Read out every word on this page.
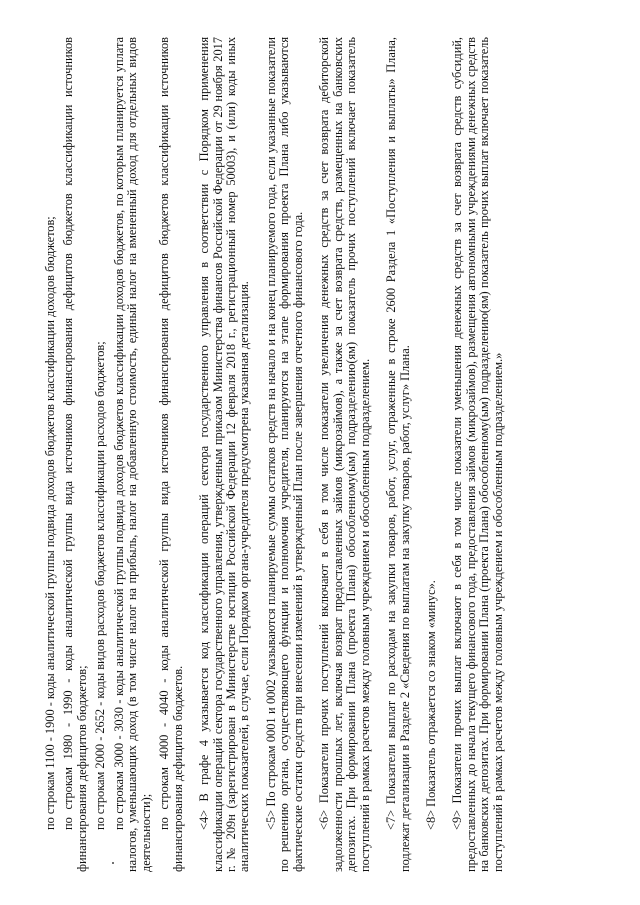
по строкам 1100 - 1900 - коды аналитической группы подвида доходов бюджетов классификации доходов бюджетов; по строкам 1980 - 1990 - коды аналитической группы вида источников финансирования дефицитов бюджетов классификации источников финансирования дефицитов бюджетов; по строкам 2000 - 2652 - коды видов расходов бюджетов классификации расходов бюджетов; по строкам 3000 - 3030 - коды аналитической группы подвида доходов бюджетов классификации доходов бюджетов, по которым планируется уплата налогов, уменьшающих доход (в том числе налог на прибыль, налог на добавленную стоимость, единый налог на вмененный доход для отдельных видов деятельности);

по строкам 4000 - 4040 - коды аналитической группы вида источников финансирования дефицитов бюджетов классификации источников финансирования дефицитов бюджетов. <4> В графе 4 указывается код классификации операций сектора государственного управления в соответствии с Порядком применения классификации операций сектора государственного управления, утвержденным приказом Министерства финансов Российской Федерации от 29 ноября 2017 г. № 209н (зарегистрирован в Министерстве юстиции Российской Федерации 12 февраля 2018 г., регистрационный номер 50003), и (или) коды иных аналитических показателей, в случае, если Порядком органа-учредителя предусмотрена указанная детализация. <5> По строкам 0001 и 0002 указываются планируемые суммы остатков средств на начало и на конец планируемого года, если указанные показатели по решению органа, осуществляющего функции и полномочия учредителя, планируются на этапе формирования проекта Плана либо указываются фактические остатки средств при внесении изменений в утвержденный План после завершения отчетного финансового года. <6> Показатели прочих поступлений включают в себя в том числе показатели увеличения денежных средств за счет возврата дебиторской задолженности прошлых лет, включая возврат предоставленных займов (микрозаймов), а также за счет возврата средств, размещенных на банковских депозитах. При формировании Плана (проекта Плана) обособленному(ым) подразделению(ям) показатель прочих поступлений включает показатель поступлений в рамках расчетов между головным учреждением и обособленным подразделением. <7> Показатели выплат по расходам на закупки товаров, работ, услуг, отраженные в строке 2600 Раздела 1 «Поступления и выплаты» Плана, подлежат детализации в Разделе 2 «Сведения по выплатам на закупку товаров, работ, услуг» Плана. <8> Показатель отражается со знаком «минус». <9> Показатели прочих выплат включают в себя в том числе показатели уменьшения денежных средств за счет возврата средств субсидий, предоставленных до начала текущего финансового года, предоставления займов (микрозаймов), размещения автономными учреждениями денежных средств на банковских депозитах. При формировании Плана (проекта Плана) обособленному(ым) подразделению(ям) показатель прочих выплат включает показатель поступлений в рамках расчетов между головным учреждением и обособленным подразделением.»
